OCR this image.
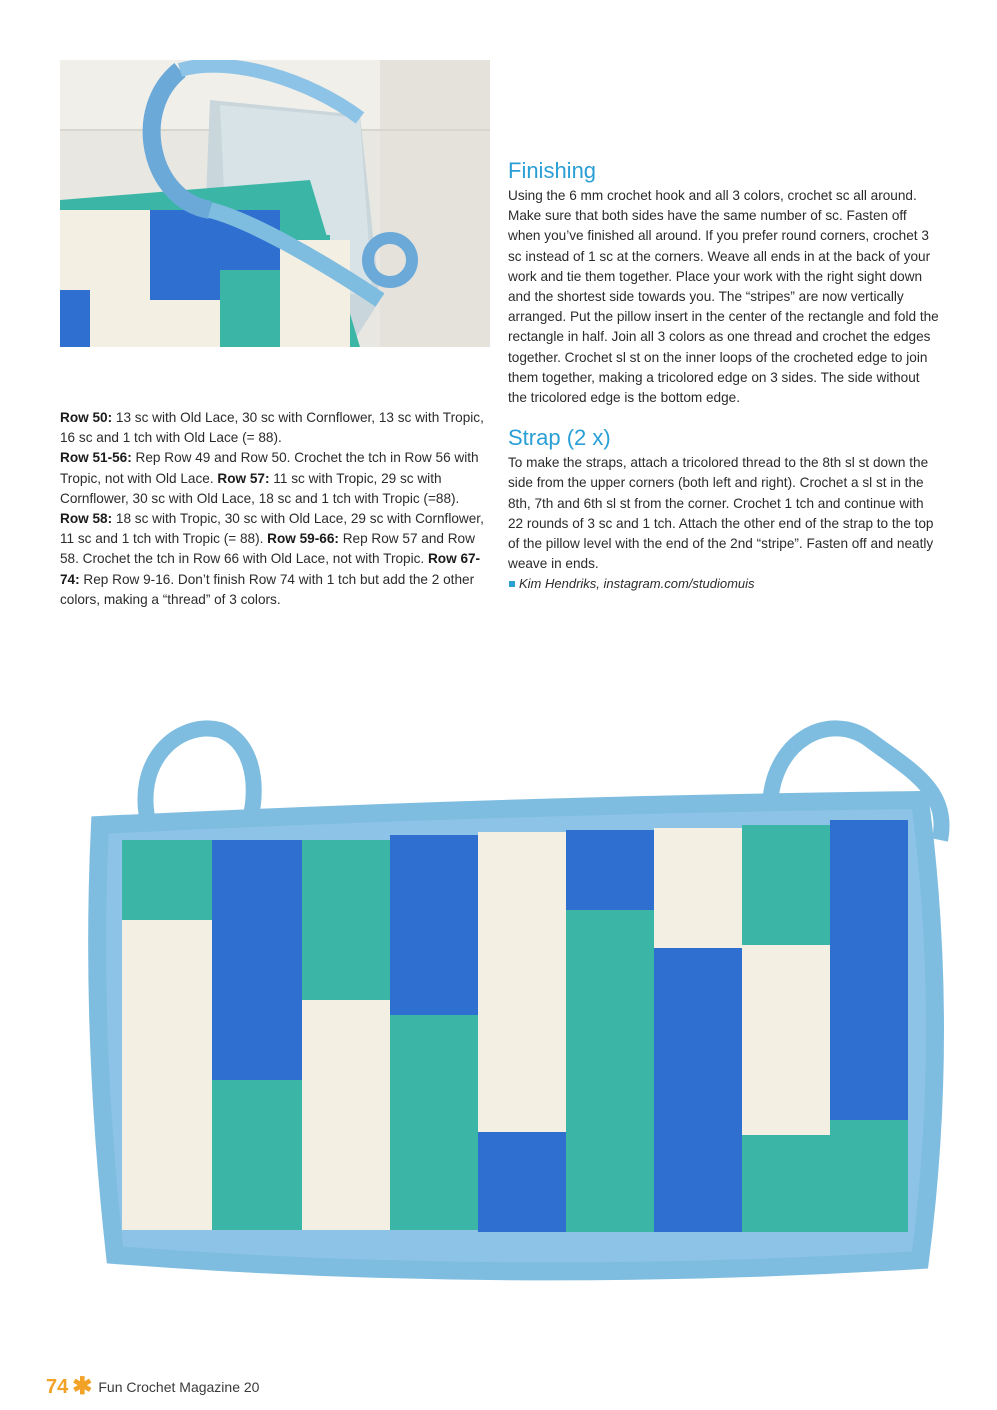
Row 50: 13 sc with Old Lace, 30 sc with Cornflower, 13 sc with Tropic, 16 sc and 1 tch with Old Lace (= 88).
Row 51-56: Rep Row 49 and Row 50. Crochet the tch in Row 56 with Tropic, not with Old Lace. Row 57: 11 sc with Tropic, 29 sc with Cornflower, 30 sc with Old Lace, 18 sc and 1 tch with Tropic (=88). Row 58: 18 sc with Tropic, 30 sc with Old Lace, 29 sc with Cornflower, 11 sc and 1 tch with Tropic (= 88). Row 59-66: Rep Row 57 and Row 58. Crochet the tch in Row 66 with Old Lace, not with Tropic. Row 67-74: Rep Row 9-16. Don’t finish Row 74 with 1 tch but add the 2 other colors, making a “thread” of 3 colors.
Finishing

Using the 6 mm crochet hook and all 3 colors, crochet sc all around. Make sure that both sides have the same number of sc. Fasten off when you’ve finished all around. If you prefer round corners, crochet 3 sc instead of 1 sc at the corners. Weave all ends in at the back of your work and tie them together. Place your work with the right sight down and the shortest side towards you. The “stripes” are now vertically arranged. Put the pillow insert in the center of the rectangle and fold the rectangle in half. Join all 3 colors as one thread and crochet the edges together. Crochet sl st on the inner loops of the crocheted edge to join them together, making a tricolored edge on 3 sides. The side without the tricolored edge is the bottom edge.

Strap (2 x)

To make the straps, attach a tricolored thread to the 8th sl st down the side from the upper corners (both left and right). Crochet a sl st in the 8th, 7th and 6th sl st from the corner. Crochet 1 tch and continue with 22 rounds of 3 sc and 1 tch. Attach the other end of the strap to the top of the pillow level with the end of the 2nd “stripe”. Fasten off and neatly weave in ends.

Kim Hendriks, instagram.com/studiomuis
74 ✱ Fun Crochet Magazine 20
